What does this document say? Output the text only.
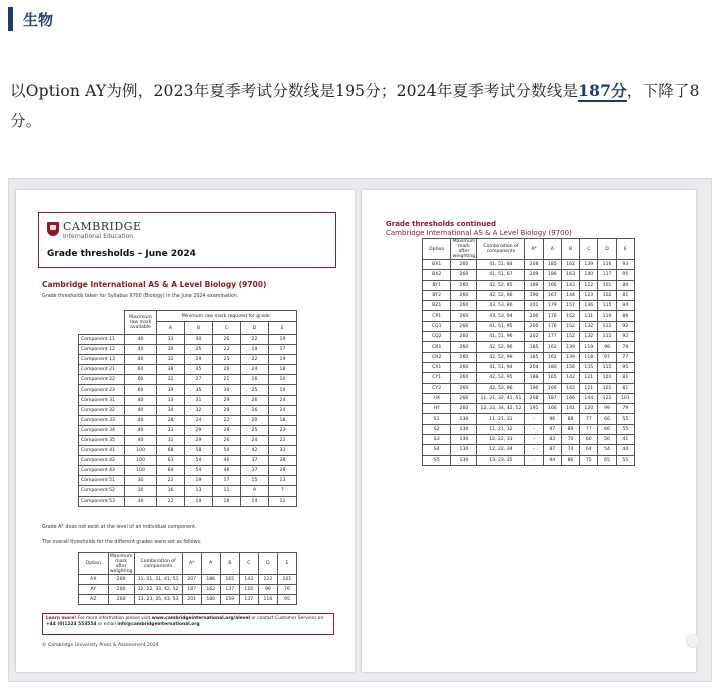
生物
以Option AY为例，2023年夏季考试分数线是195分；2024年夏季考试分数线是187分，下降了8分。
CAMBRIDGE
International Education
Grade thresholds – June 2024
Cambridge International AS & A Level Biology (9700)
Grade thresholds taken for Syllabus 9700 (Biology) in the June 2024 examination.
	Maximum raw mark available	Minimum raw mark required for grade:				
		A	B	C	D	E
Component 11	40	33	30	26	22	19
Component 12	40	30	25	22	19	17
Component 13	40	32	29	25	22	19
Component 21	60	38	35	29	24	18
Component 22	60	32	27	21	16	10
Component 23	60	39	35	30	25	19
Component 31	40	33	31	29	26	24
Component 32	40	34	32	29	26	24
Component 33	40	28	24	22	20	18
Component 34	40	33	29	28	25	23
Component 35	40	31	29	26	24	22
Component 41	100	68	58	50	42	33
Component 42	100	63	54	46	37	28
Component 43	100	64	54	46	37	28
Component 51	30	22	19	17	15	13
Component 52	30	16	13	11	9	7
Component 53	30	22	19	16	14	12
Grade A* does not exist at the level of an individual component.
The overall thresholds for the different grades were set as follows.
Option	Maximum mark after weighting	Combination of components	A*	A	B	C	D	E
AX	260	11, 21, 31, 41, 51	207	186	165	143	122	101
AY	260	12, 22, 33, 42, 52	187	162	137	116	96	76
AZ	260	13, 23, 35, 43, 53	201	180	159	137	116	95
Learn more! For more information please visit www.cambridgeinternational.org/alevel or contact Customer Services on +44 (0)1223 553554 or email info@cambridgeinternational.org
© Cambridge University Press & Assessment 2024
Grade thresholds continued
Cambridge International AS & A Level Biology (9700)
Option	Maximum mark after weighting	Combination of components	A*	A	B	C	D	E
BX1	260	41, 51, 84	208	185	162	139	116	93
BX2	260	41, 51, 67	209	186	163	140	117	95
BY1	260	42, 52, 85	189	166	143	122	101	80
BY2	260	42, 52, 86	190	167	144	123	102	81
BZ1	260	43, 53, 86	201	179	157	136	115	94
CP1	260	43, 53, 94	200	176	152	131	110	89
CQ1	260	41, 51, 95	200	176	152	132	112	92
CQ2	260	41, 51, 96	202	177	152	132	112	92
CR1	260	42, 52, 96	185	162	139	119	99	79
CR2	260	42, 52, 99	185	162	139	118	97	77
CX1	260	41, 51, 94	204	180	156	135	115	95
CY1	260	42, 52, 95	188	165	142	121	101	81
CY2	260	42, 52, 96	190	166	142	121	101	81
HX	260	11, 21, 32, 41, 51	208	187	166	144	122	101
HY	260	12, 22, 34, 42, 52	191	166	141	120	99	79
S1	130	11, 21, 31	–	96	88	77	66	55
S2	130	11, 21, 32	–	97	89	77	66	55
S3	130	12, 22, 33	–	83	70	60	50	41
S4	130	12, 22, 34	–	87	74	64	54	44
S5	130	13, 23, 35	–	94	86	75	65	55
